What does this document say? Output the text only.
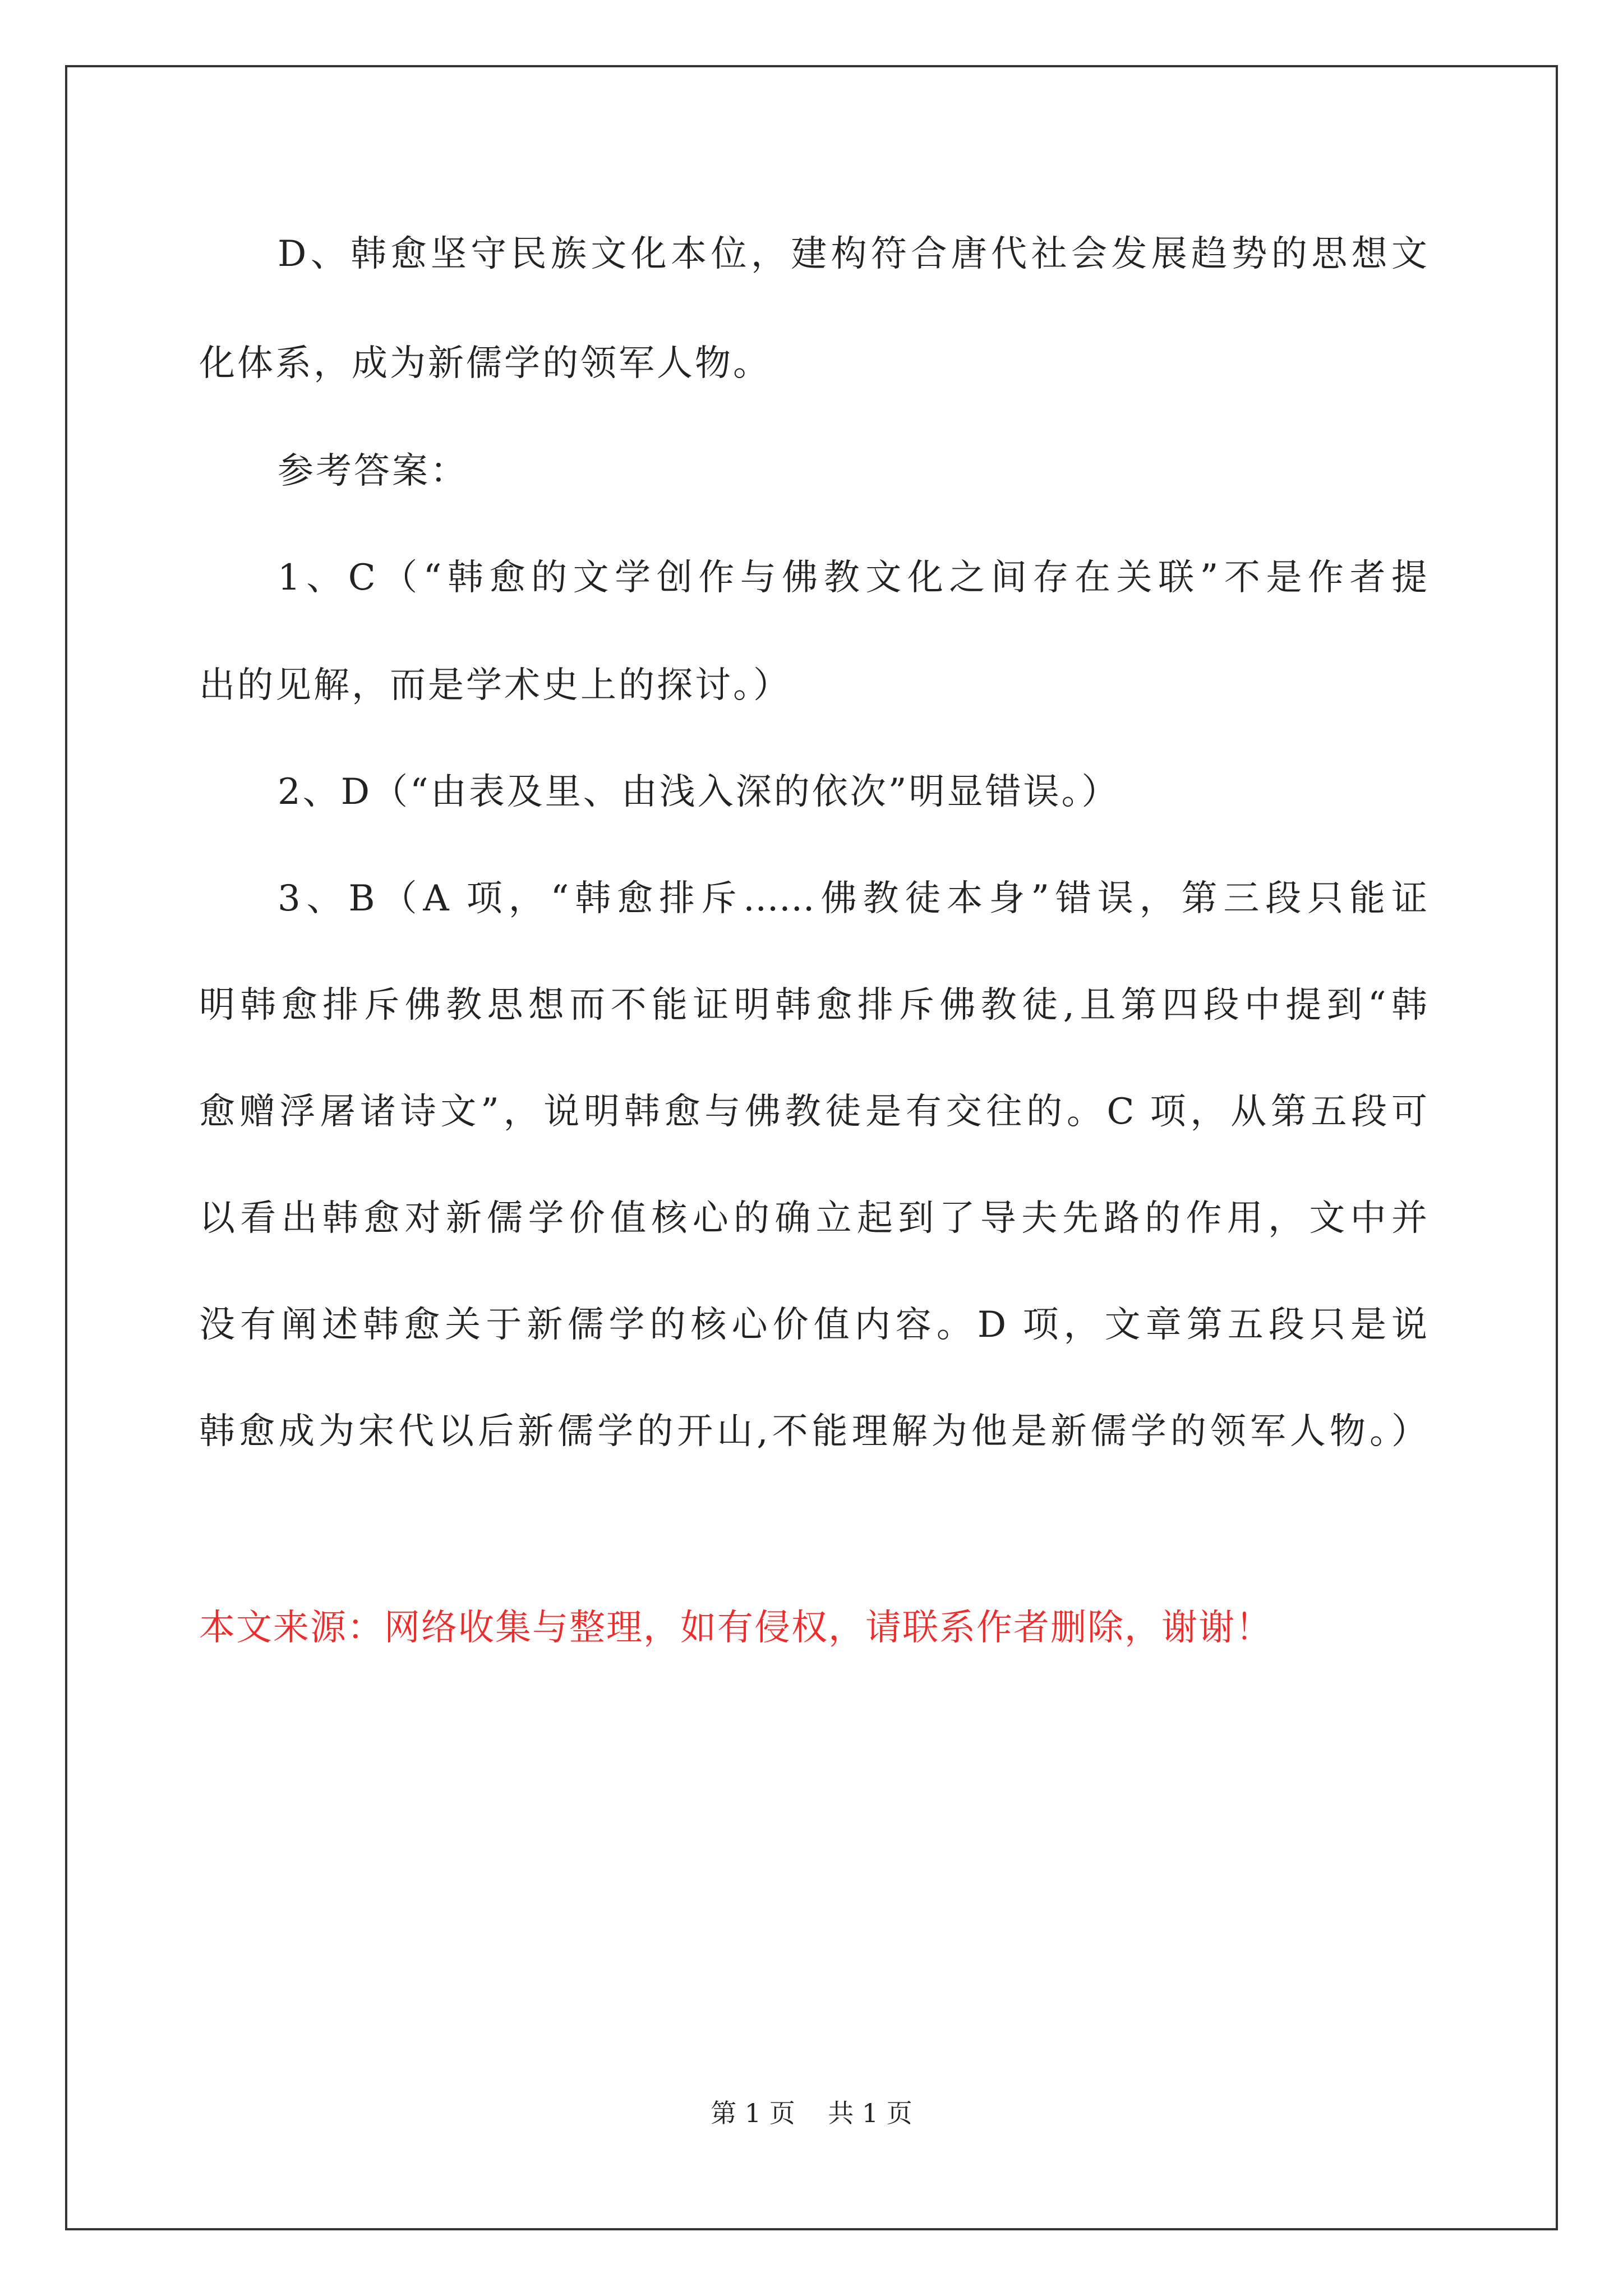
D、韩愈坚守民族文化本位，建构符合唐代社会发展趋势的思想文
化体系，成为新儒学的领军人物。
参考答案：
1、C（“韩愈的文学创作与佛教文化之间存在关联”不是作者提
出的见解，而是学术史上的探讨。）
2、D（“由表及里、由浅入深的依次”明显错误。）
3、B（A 项，“韩愈排斥……佛教徒本身”错误，第三段只能证
明韩愈排斥佛教思想而不能证明韩愈排斥佛教徒,且第四段中提到“韩
愈赠浮屠诸诗文”，说明韩愈与佛教徒是有交往的。C 项，从第五段可
以看出韩愈对新儒学价值核心的确立起到了导夫先路的作用，文中并
没有阐述韩愈关于新儒学的核心价值内容。D 项，文章第五段只是说
韩愈成为宋代以后新儒学的开山,不能理解为他是新儒学的领军人物。）
本文来源：网络收集与整理，如有侵权，请联系作者删除，谢谢！
第 1 页    共 1 页
